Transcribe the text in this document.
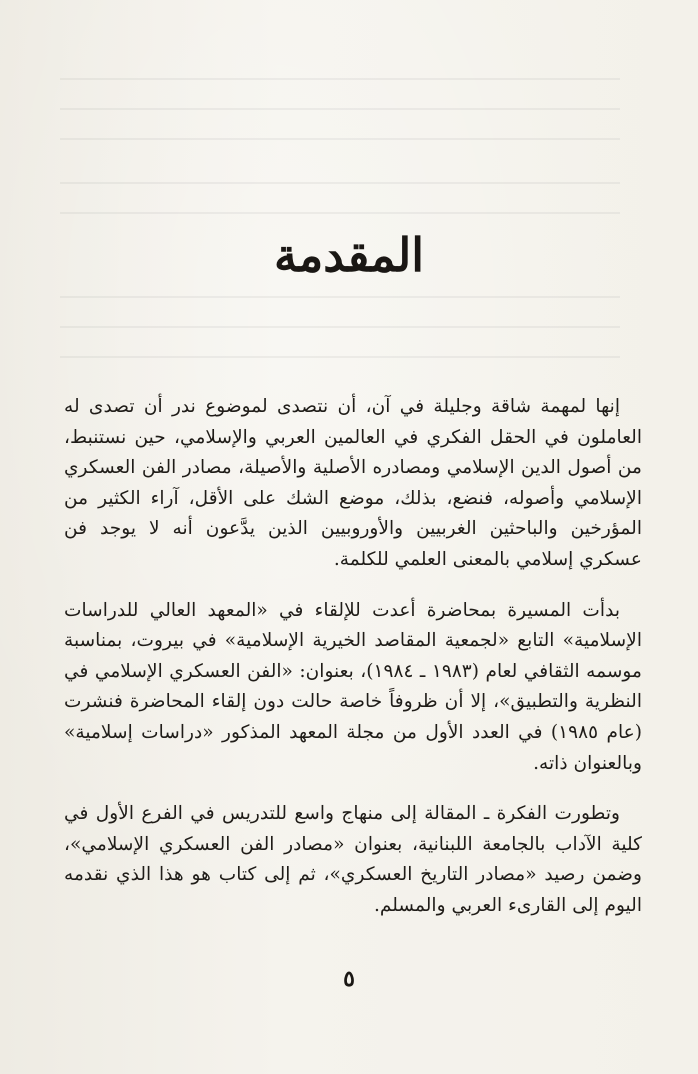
المقدمة

إنها لمهمة شاقة وجليلة في آن، أن نتصدى لموضوع ندر أن تصدى له العاملون في الحقل الفكري في العالمين العربي والإسلامي، حين نستنبط، من أصول الدين الإسلامي ومصادره الأصلية والأصيلة، مصادر الفن العسكري الإسلامي وأصوله، فنضع، بذلك، موضع الشك على الأقل، آراء الكثير من المؤرخين والباحثين الغربيين والأوروبيين الذين يدَّعون أنه لا يوجد فن عسكري إسلامي بالمعنى العلمي للكلمة.

بدأت المسيرة بمحاضرة أعدت للإلقاء في «المعهد العالي للدراسات الإسلامية» التابع «لجمعية المقاصد الخيرية الإسلامية» في بيروت، بمناسبة موسمه الثقافي لعام (١٩٨٣ ـ ١٩٨٤)، بعنوان: «الفن العسكري الإسلامي في النظرية والتطبيق»، إلا أن ظروفاً خاصة حالت دون إلقاء المحاضرة فنشرت (عام ١٩٨٥) في العدد الأول من مجلة المعهد المذكور «دراسات إسلامية» وبالعنوان ذاته.

وتطورت الفكرة ـ المقالة إلى منهاج واسع للتدريس في الفرع الأول في كلية الآداب بالجامعة اللبنانية، بعنوان «مصادر الفن العسكري الإسلامي»، وضمن رصيد «مصادر التاريخ العسكري»، ثم إلى كتاب هو هذا الذي نقدمه اليوم إلى القارىء العربي والمسلم.

٥
